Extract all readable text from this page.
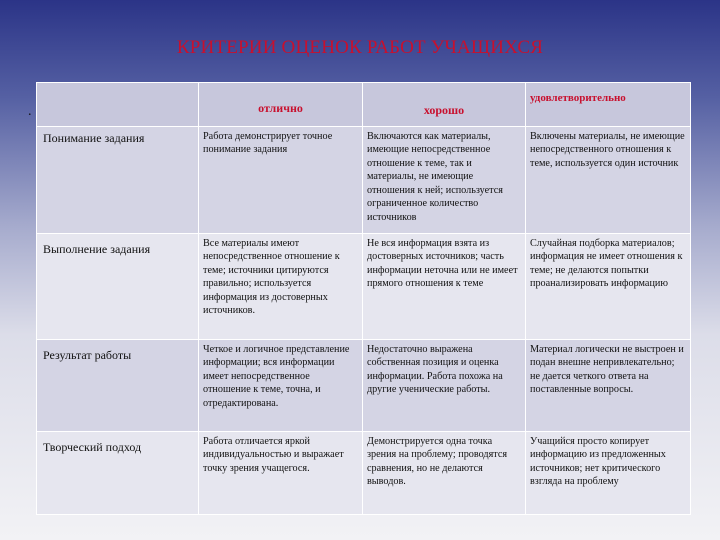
КРИТЕРИИ ОЦЕНОК РАБОТ УЧАЩИХСЯ
.
		отлично	хорошо	удовлетворительно
Понимание задания	Работа демонстрирует точное понимание задания	Включаются как материалы, имеющие непосредственное отношение к теме, так и материалы, не имеющие отношения к ней; используется ограниченное количество источников	Включены материалы, не имеющие непосредственного отношения к теме, используется один источник
Выполнение задания	Все материалы имеют непосредственное отношение к теме; источники цитируются правильно; используется информация из достоверных источников.	Не вся информация взята из достоверных источников; часть информации неточна или не имеет прямого отношения к теме	Случайная подборка материалов; информация не имеет отношения к теме; не делаются попытки проанализировать информацию
Результат работы	Четкое и логичное представление информации; вся информации имеет непосредственное отношение к теме, точна, и отредактирована.	Недостаточно выражена собственная позиция и оценка информации. Работа похожа на другие ученические работы.	Материал логически не выстроен и подан внешне непривлекательно; не дается четкого ответа на поставленные вопросы.
Творческий подход	Работа отличается яркой индивидуальностью и выражает точку зрения учащегося.	Демонстрируется одна точка зрения на проблему; проводятся сравнения, но не делаются выводов.	Учащийся просто копирует информацию из предложенных источников; нет критического взгляда на проблему
